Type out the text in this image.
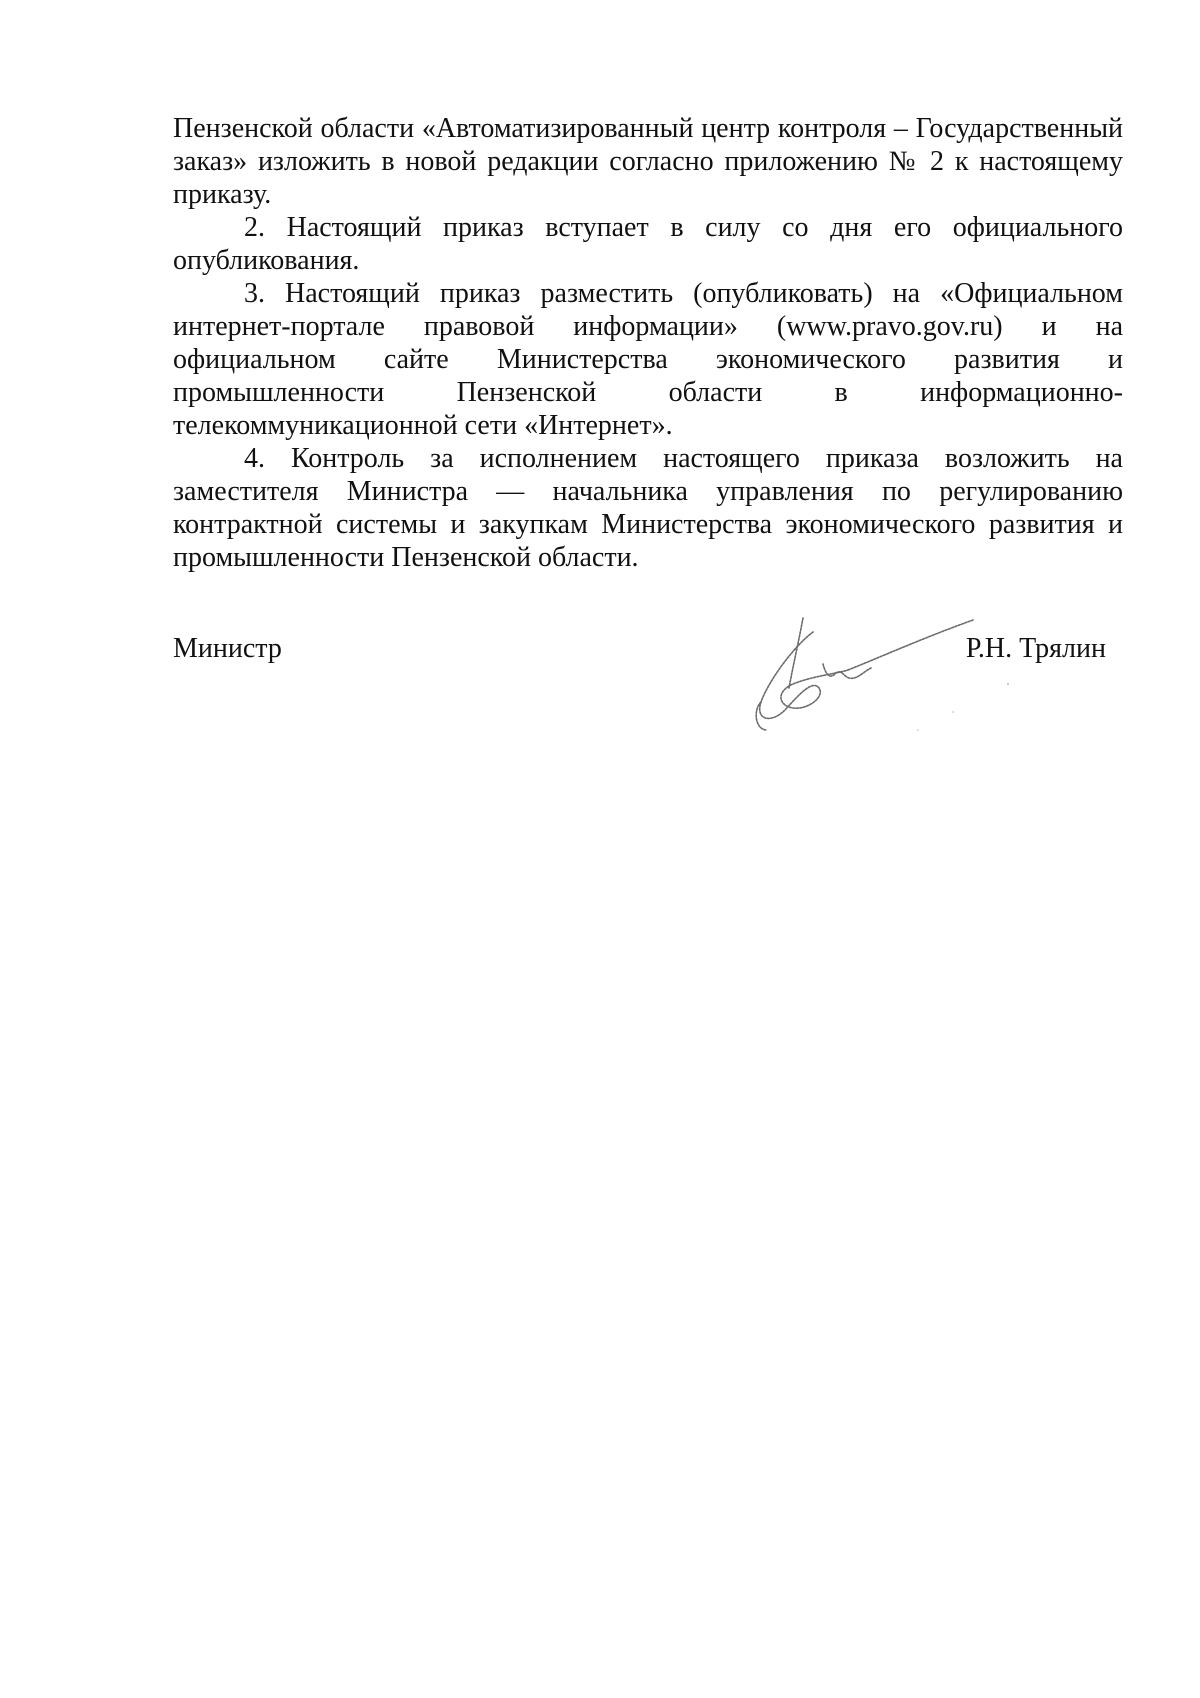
Пензенской области «Автоматизированный центр контроля – Государственный заказ» изложить в новой редакции согласно приложению № 2 к настоящему приказу.

2. Настоящий приказ вступает в силу со дня его официального опубликования.

3. Настоящий приказ разместить (опубликовать) на «Официальном интернет-портале правовой информации» (www.pravo.gov.ru) и на официальном сайте Министерства экономического развития и промышленности Пензенской области в информационно-телекоммуникационной сети «Интернет».

4. Контроль за исполнением настоящего приказа возложить на заместителя Министра — начальника управления по регулированию контрактной системы и закупкам Министерства экономического развития и промышленности Пензенской области.

Министр	Р.Н. Трялин
